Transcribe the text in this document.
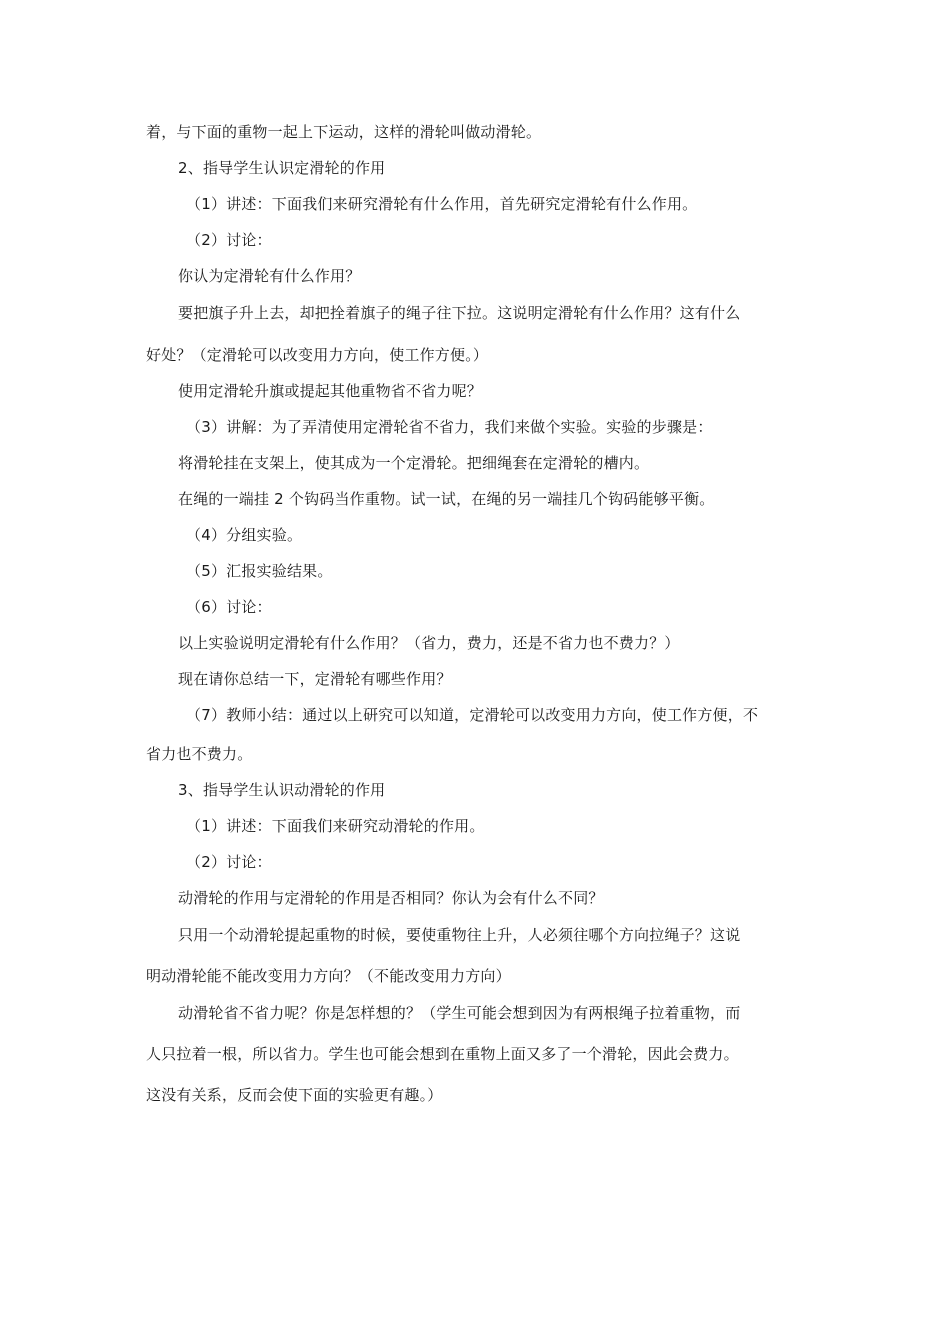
着，与下面的重物一起上下运动，这样的滑轮叫做动滑轮。
2、指导学生认识定滑轮的作用
（1）讲述：下面我们来研究滑轮有什么作用，首先研究定滑轮有什么作用。
（2）讨论：
你认为定滑轮有什么作用？
要把旗子升上去，却把拴着旗子的绳子往下拉。这说明定滑轮有什么作用？这有什么
好处？（定滑轮可以改变用力方向，使工作方便。）
使用定滑轮升旗或提起其他重物省不省力呢？
（3）讲解：为了弄清使用定滑轮省不省力，我们来做个实验。实验的步骤是：
将滑轮挂在支架上，使其成为一个定滑轮。把细绳套在定滑轮的槽内。
在绳的一端挂 2 个钩码当作重物。试一试，在绳的另一端挂几个钩码能够平衡。
（4）分组实验。
（5）汇报实验结果。
（6）讨论：
以上实验说明定滑轮有什么作用？（省力，费力，还是不省力也不费力？）
现在请你总结一下，定滑轮有哪些作用？
（7）教师小结：通过以上研究可以知道，定滑轮可以改变用力方向，使工作方便，不
省力也不费力。
3、指导学生认识动滑轮的作用
（1）讲述：下面我们来研究动滑轮的作用。
（2）讨论：
动滑轮的作用与定滑轮的作用是否相同？你认为会有什么不同？
只用一个动滑轮提起重物的时候，要使重物往上升，人必须往哪个方向拉绳子？这说
明动滑轮能不能改变用力方向？（不能改变用力方向）
动滑轮省不省力呢？你是怎样想的？（学生可能会想到因为有两根绳子拉着重物，而
人只拉着一根，所以省力。学生也可能会想到在重物上面又多了一个滑轮，因此会费力。
这没有关系，反而会使下面的实验更有趣。）
